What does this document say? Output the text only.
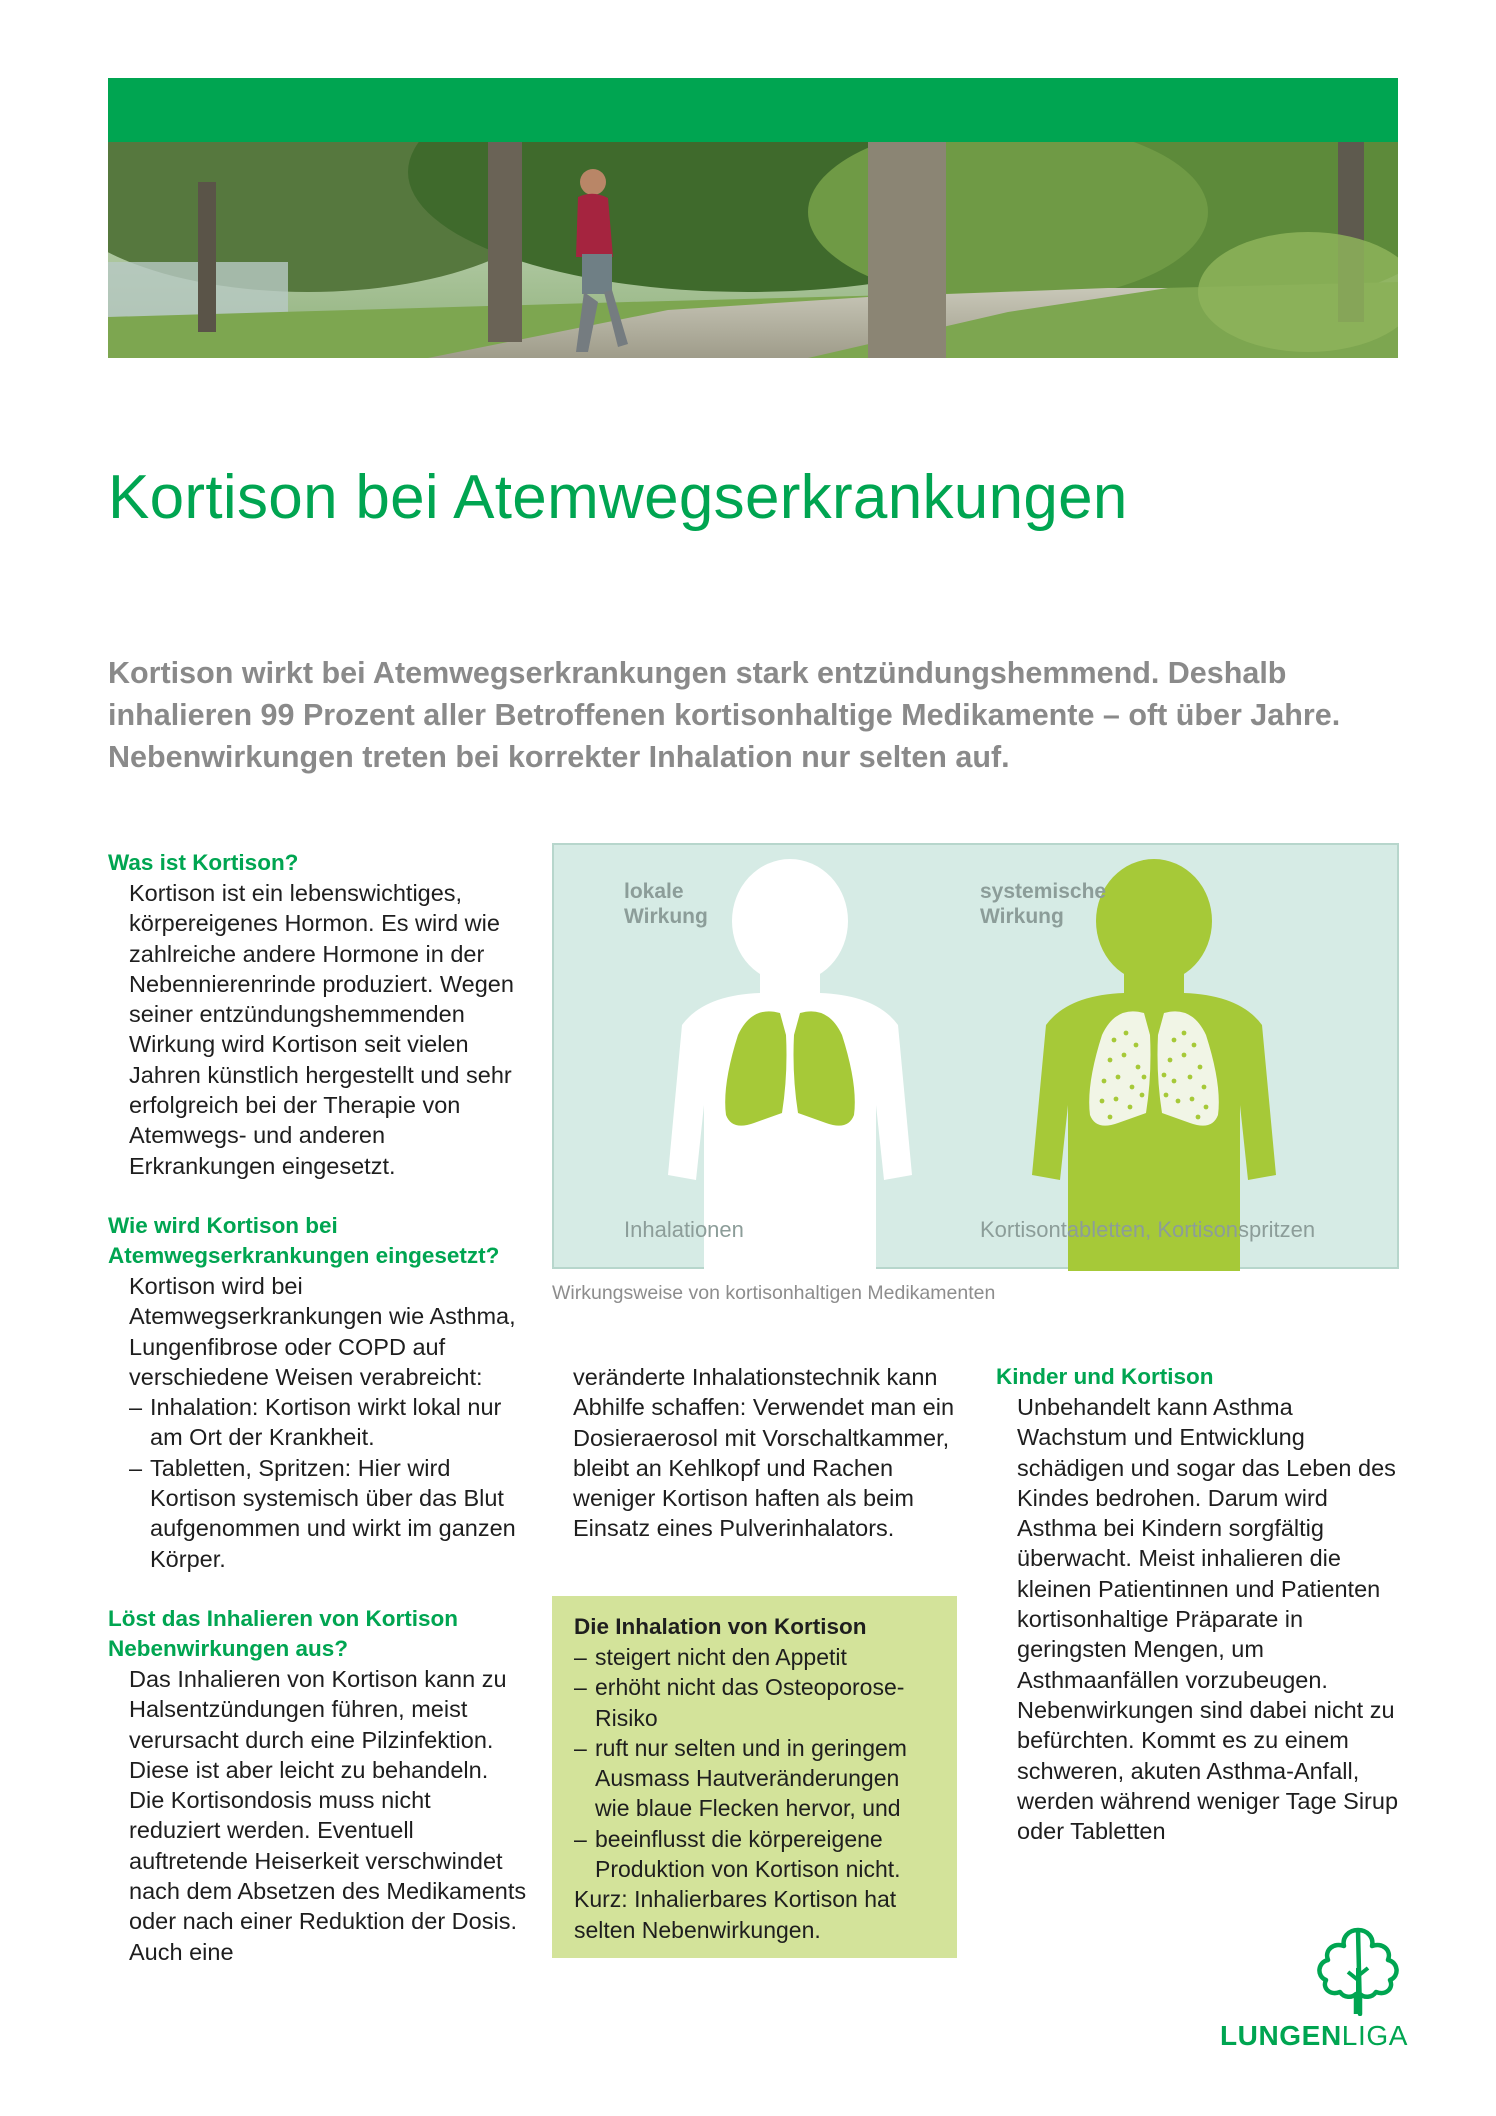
Kortison bei Atemwegserkrankungen

Kortison wirkt bei Atemwegserkrankungen stark entzündungshemmend. Deshalb inhalieren 99 Prozent aller Betroffenen kortisonhaltige Medikamente – oft über Jahre. Nebenwirkungen treten bei korrekter Inhalation nur selten auf.

Was ist Kortison?

Kortison ist ein lebenswichtiges, körpereigenes Hormon. Es wird wie zahlreiche andere Hormone in der Nebennierenrinde produziert. Wegen seiner entzündungshemmenden Wirkung wird Kortison seit vielen Jahren künstlich hergestellt und sehr erfolgreich bei der Therapie von Atemwegs- und anderen Erkrankungen eingesetzt.

Wie wird Kortison bei Atemwegserkrankungen eingesetzt?

Kortison wird bei Atemwegserkrankungen wie Asthma, Lungenfibrose oder COPD auf verschiedene Weisen verabreicht:

– Inhalation: Kortison wirkt lokal nur am Ort der Krankheit.
– Tabletten, Spritzen: Hier wird Kortison systemisch über das Blut aufgenommen und wirkt im ganzen Körper.
Löst das Inhalieren von Kortison Nebenwirkungen aus?

Das Inhalieren von Kortison kann zu Halsentzündungen führen, meist verursacht durch eine Pilzinfektion. Diese ist aber leicht zu behandeln. Die Kortisondosis muss nicht reduziert werden. Eventuell auftretende Heiserkeit verschwindet nach dem Absetzen des Medikaments oder nach einer Reduktion der Dosis. Auch eine

lokale Wirkung
systemische Wirkung
Inhalationen	Kortisontabletten, Kortisonspritzen
Wirkungsweise von kortisonhaltigen Medikamenten

veränderte Inhalationstechnik kann Abhilfe schaffen: Verwendet man ein Dosieraerosol mit Vorschaltkammer, bleibt an Kehlkopf und Rachen weniger Kortison haften als beim Einsatz eines Pulverinhalators.

Die Inhalation von Kortison
– steigert nicht den Appetit
– erhöht nicht das Osteoporose-Risiko
– ruft nur selten und in geringem Ausmass Hautveränderungen wie blaue Flecken hervor, und
– beeinflusst die körpereigene Produktion von Kortison nicht.
Kurz: Inhalierbares Kortison hat selten Nebenwirkungen.
Kinder und Kortison

Unbehandelt kann Asthma Wachstum und Entwicklung schädigen und sogar das Leben des Kindes bedrohen. Darum wird Asthma bei Kindern sorgfältig überwacht. Meist inhalieren die kleinen Patientinnen und Patienten kortisonhaltige Präparate in geringsten Mengen, um Asthmaanfällen vorzubeugen. Nebenwirkungen sind dabei nicht zu befürchten. Kommt es zu einem schweren, akuten Asthma-Anfall, werden während weniger Tage Sirup oder Tabletten

LUNGENLIGA
